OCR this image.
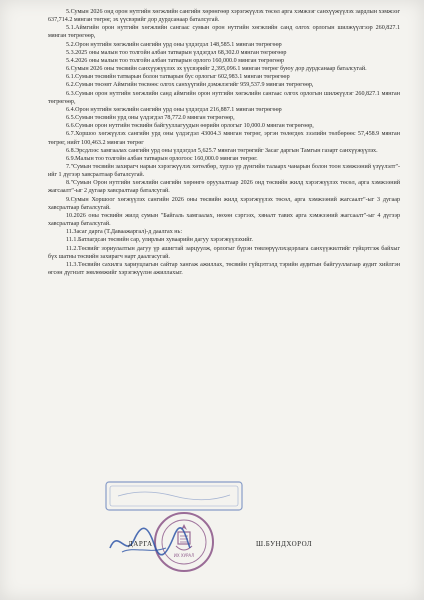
5.Сумын 2026 онд орон нутгийн хөгжлийн сангийн хөрөнгөөр хэрэгжүүлэх төсөл арга хэмжээг санхүүжүүлэх зардлын хэмжээг 637,714.2 мянган төгрөг, эх үүсвэрийг дор дурдсанаар баталсугай.

5.1.Аймгийн орон нутгийн хөгжлийн сангаас сумын орон нутгийн хөгжлийн санд олгох орлогын шилжүүлгээр 260,827.1 мянган төгрөгөөр,

5.2.Орон нутгийн хөгжлийн сангийн урд оны үлдэгдэл 148,585.1 мянган төгрөгөөр

5.3.2025 оны малын тоо толгойн албан татварын үлдэгдэл 68,302.0 мянган төгрөгөөр

5.4.2026 оны малын тоо толгойн албан татварын орлого 160,000.0 мянган төгрөгөөр

6.Сумын 2026 оны төсвийн санхүүжүүлэх эх үүсвэрийг 2,395,096.1 мянган төгрөг буюу дор дурдсанаар баталсугай.

6.1.Сумын төсвийн татварын болон татварын бус орлогыг 602,983.1 мянган төгрөгөөр

6.2.Сумын төсөвт Аймгийн төсвөөс олгох санхүүгийн дэмжлэгийг 959,537.9 мянган төгрөгөөр,

6.3.Сумын орон нутгийн хөгжлийн санд аймгийн орон нутгийн хөгжлийн сангаас олгох орлогын шилжүүлэг 260,827.1 мянган төгрөгөөр,

6.4.Орон нутгийн хөгжлийн сангийн урд оны үлдэгдэл 216,887.1 мянган төгрөгөөр

6.5.Сумын төсвийн урд оны үлдэгдэл 78,772.0 мянган төгрөгөөр,

6.6.Сумын орон нутгийн төсвийн байгууллагуудын өөрийн орлогыг 10,000.0 мянган төгрөгөөр,

6.7.Хоршоо хөгжүүлэх сангийн урд оны үлдэгдэл 43004.3 мянган төгрөг, эргэн төлөгдөх зээлийн төлбөрөөс 57,458.9 мянган төгрөг, нийт 100,463.2 мянган төгрөг

6.8.Эрсдлээс хамгаалах сангийн урд оны үлдэгдэл 5,625.7 мянган төгрөгийг Засаг даргын Тамгын газарт санхүүжүүлэх.

6.9.Малын тоо толгойн албан татварын орлогоос 160,000.0 мянган төгрөг.

7."Сумын төсвийн захирагч нарын хэрэгжүүлэх хөтөлбөр, хурээ үр дүнгийн талаарх чанарын болон тоон хэмжээний үзүүлэлт"-ийг 1 дүгээр хавсралтаар баталсугай.

8."Сумын Орон нутгийн хөгжлийн сангийн хөрөнгө оруулалтаар 2026 онд төсвийн жилд хэрэгжүүлэх төсөл, арга хэмжээний жагсаалт"-ыг 2 дугаар хавсралтаар баталсугай.

9.Сумын Хоршоог хөгжүүлэх сангийн 2026 оны төсвийн жилд хэрэгжүүлэх төсөл, арга хэмжээний жагсаалт"-ыг 3 дугаар хавсралтаар баталсугай.

10.2026 оны төсвийн жилд сумын "Байгаль хамгаалах, нөхөн сэргээх, хяналт тавих арга хэмжээний жагсаалт"-ыг 4 дүгээр хавсралтаар баталсугай.

11.Засаг дарга (Т.Даваажаргал)-д даалгах нь:

11.1.Батлагдсан төсвийн сар, улирлын хуваарийн дагуу хэрэгжүүлэхийг.

11.2.Төсвийг зориулалтын дагуу үр ашигтай зарцуулж, орлогыг бүрэн төвлөрүүлэхэдэрлага санхүүжилтийг гүйцэтгэж байхыг бүх шатны төсвийн захирагч нарт даалгасугай.

11.3.Төсвийн сахилга хариуцлагын сайтар хангаж ажиллах, төсвийн гүйцэтгэлд тэрийн аудитын байгууллагаар аудит хийлгэн өгсөн дүгнэлт зөвлөмжийг хэрэгжүүлэн ажиллахыг.

ИХ ХУРАЛ
ДАРГА	Ш.БУНДХОРОЛ
